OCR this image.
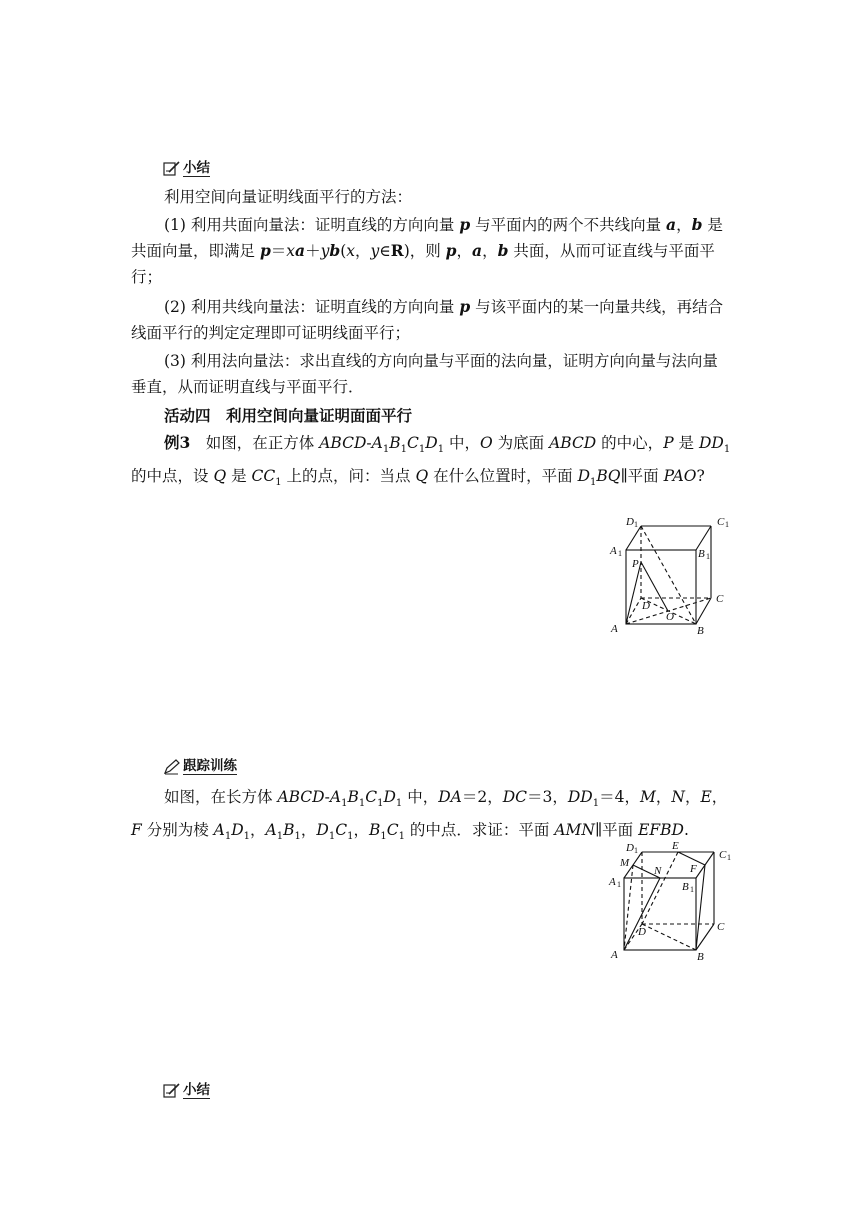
小结
利用空间向量证明线面平行的方法：
(1) 利用共面向量法：证明直线的方向向量 p 与平面内的两个不共线向量 a，b 是共面向量，即满足 p＝xa＋yb(x，y∈R)，则 p，a，b 共面，从而可证直线与平面平行；
(2) 利用共线向量法：证明直线的方向向量 p 与该平面内的某一向量共线，再结合线面平行的判定定理即可证明线面平行；
(3) 利用法向量法：求出直线的方向向量与平面的法向量，证明方向向量与法向量垂直，从而证明直线与平面平行．
活动四　利用空间向量证明面面平行
例3　如图，在正方体 ABCD-$A_1B_1C_1D_1$ 中，O 为底面 ABCD 的中心，P 是 $DD_1$ 的中点，设 Q 是 $CC_1$ 上的点，问：当点 Q 在什么位置时，平面 $D_1BQ\parallel$平面 PAO?
D 1	C 1
A 1	B 1
P
C
D
O
A	B
跟踪训练
如图，在长方体 ABCD-$A_1B_1C_1D_1$ 中，DA＝2，DC＝3，$DD_1=4$，M，N，E，F 分别为棱 $A_1D_1$，$A_1B_1$，$D_1C_1$，$B_1C_1$ 的中点．求证：平面 AMN∥平面 EFBD.
D 1	E
C 1
M
N	F
A 1	B 1
C
D
A	B
小结
